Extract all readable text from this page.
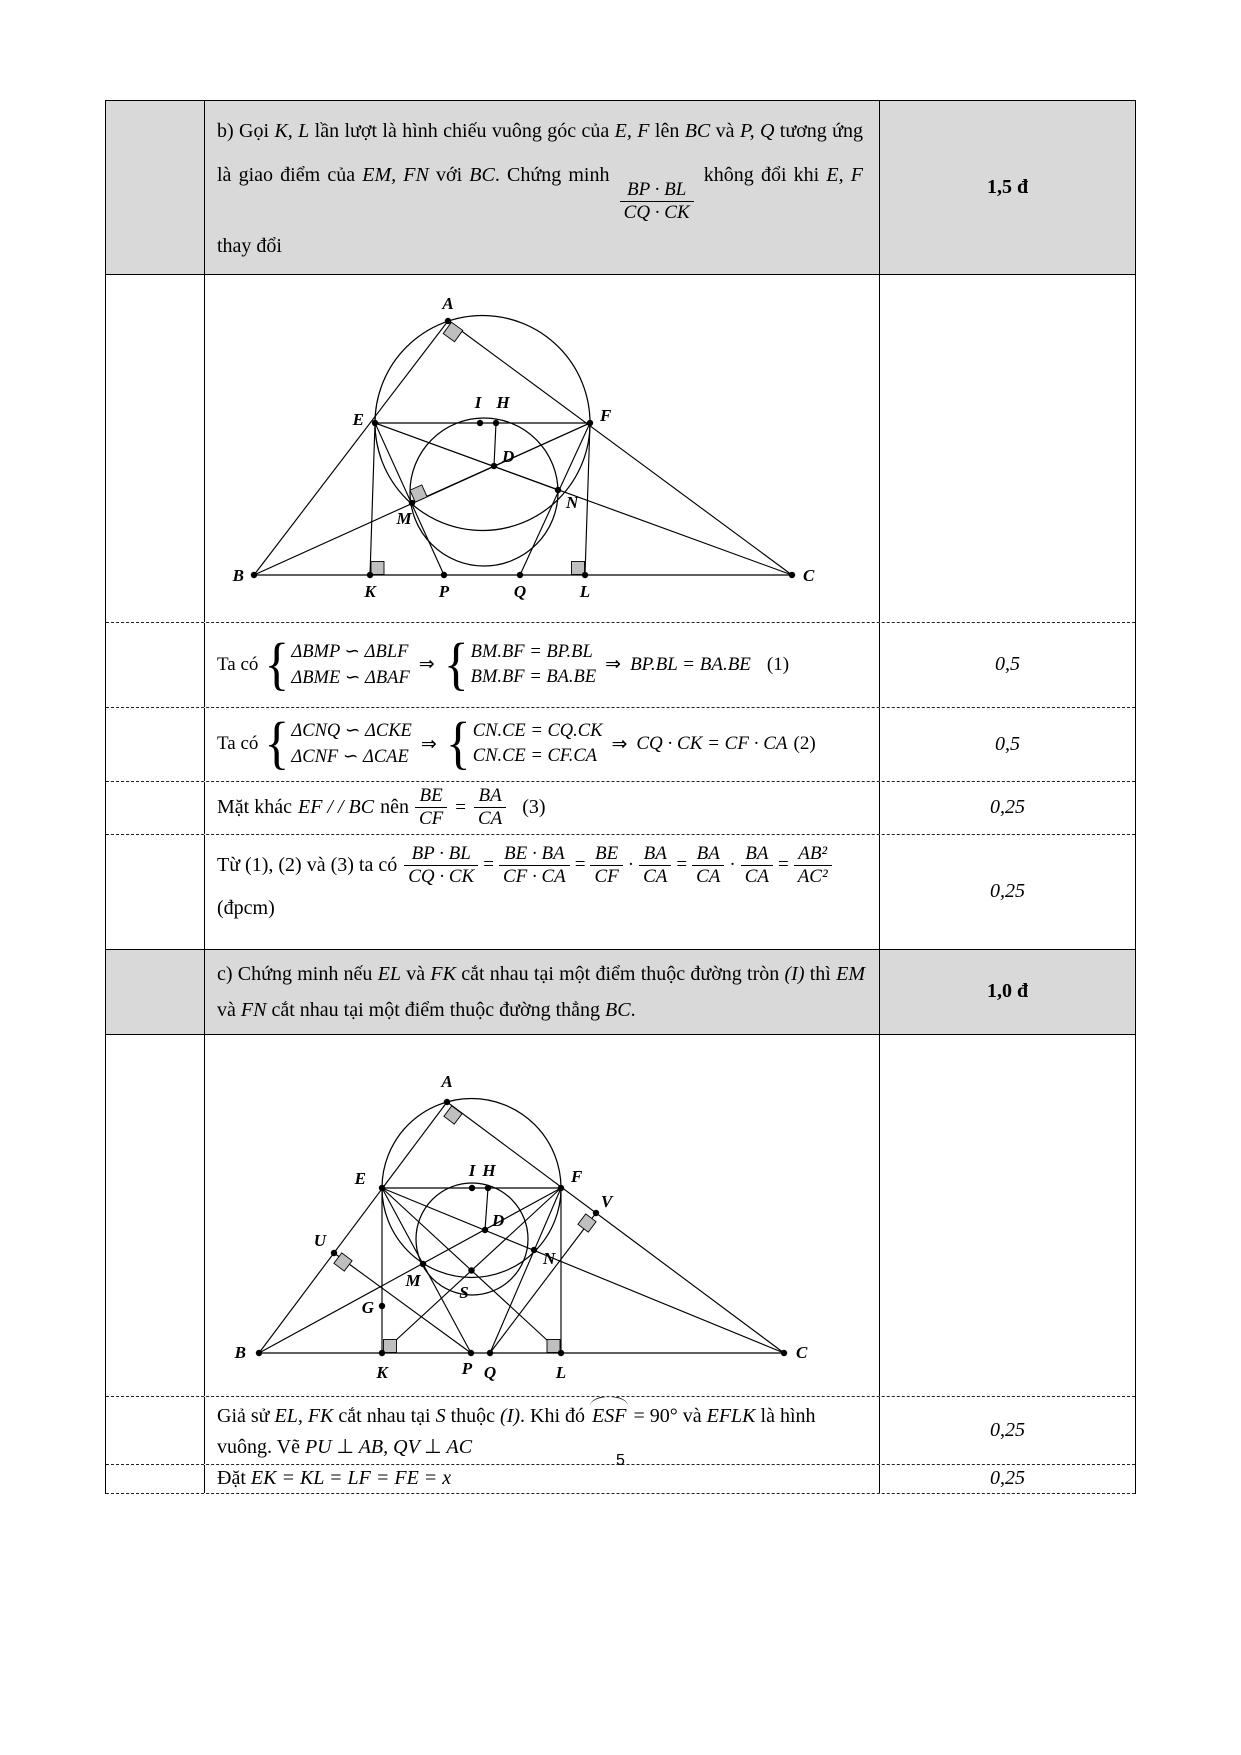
b) Gọi K, L lần lượt là hình chiếu vuông góc của E, F lên BC và P, Q tương ứng là giao điểm của EM, FN với BC. Chứng minh
$\frac{BP \cdot BL}{CQ \cdot CK}$
không đổi khi E, F thay đổi
1,5 đ
A
E	F
I H
D
M
N
B	C
K	P	Q	L
Ta có { ΔBMP ∽ ΔBLF
ΔBME ∽ ΔBAF
⇒ { BM.BF = BP.BL
BM.BF = BA.BE
⇒ BP.BL = BA.BE (1)	0,5
Ta có { ΔCNQ ∽ ΔCKE
ΔCNF ∽ ΔCAE
⇒ { CN.CE = CQ.CK
CN.CE = CF.CA
⇒ CQ · CK = CF · CA (2)	0,5
Mặt khác EF / / BC nên $\frac{BE}{CF} = \frac{BA}{CA} (3)$	0,25
Từ (1), (2) và (3) ta có $\frac{BP \cdot BL}{CQ \cdot CK} = \frac{BE \cdot BA}{CF \cdot CA} = \frac{BE}{CF} \cdot \frac{BA}{CA} = \frac{BA}{CA} \cdot \frac{BA}{CA} = \frac{\text{AB²}}{\text{AC²}}$
(đpcm)
0,25
c) Chứng minh nếu EL và FK cắt nhau tại một điểm thuộc đường tròn (I) thì EM và FN cắt nhau tại một điểm thuộc đường thẳng BC.
1,0 đ
A
E	I H	F
V
U
D
M
S
N
G
B	C
K	P Q	L
Giả sử EL, FK cắt nhau tại S thuộc (I). Khi đó ESF = 90° và EFLK là hình vuông. Vẽ PU ⊥ AB, QV ⊥ AC
0,25
Đặt EK = KL = LF = FE = x	0,25
5
